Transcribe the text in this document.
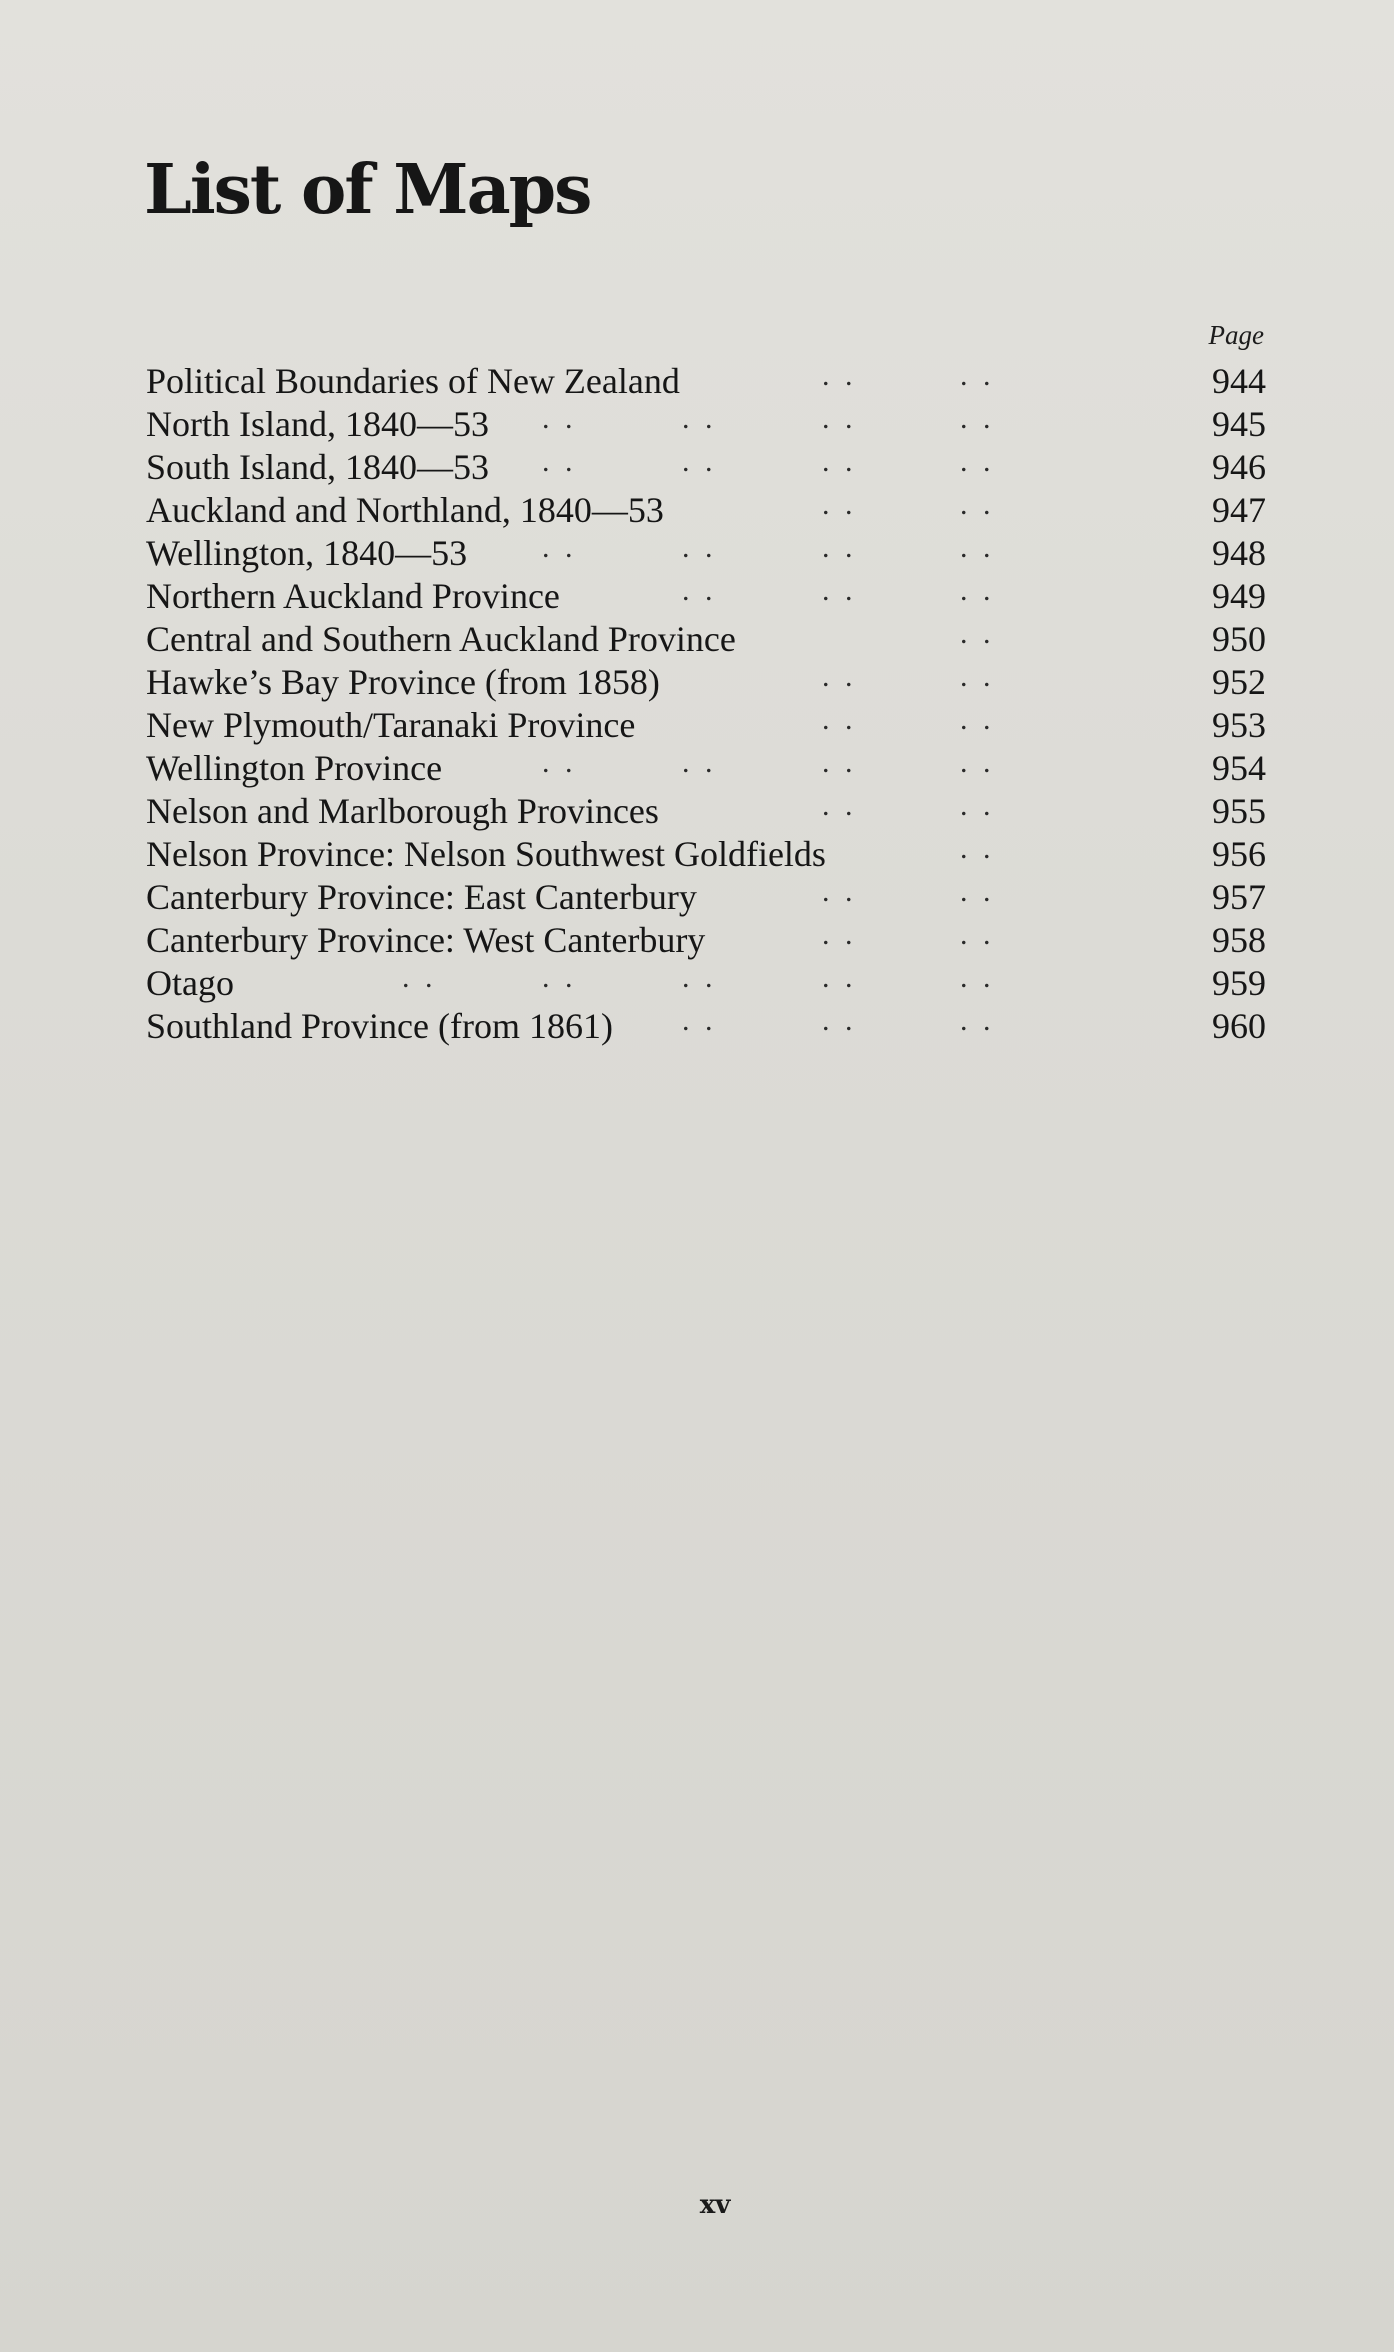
List of Maps
Page
Political Boundaries of New Zealand	. .	. .	944
North Island, 1840—53 . .	. .	. .	. .	945
South Island, 1840—53 . .	. .	. .	. .	946
Auckland and Northland, 1840—53	. .	. .	947
Wellington, 1840—53 . .	. .	. .	. .	948
Northern Auckland Province	. .	. .	. .	949
Central and Southern Auckland Province	. .	950
Hawke’s Bay Province (from 1858)	. .	. .	952
New Plymouth/Taranaki Province	. .	. .	953
Wellington Province	. .	. .	. .	. .	954
Nelson and Marlborough Provinces	. .	. .	955
Nelson Province: Nelson Southwest Goldfields	. .	956
Canterbury Province: East Canterbury	. .	. .	957
Canterbury Province: West Canterbury	. .	. .	958
Otago	. .	. .	. .	. .	. .	959
Southland Province (from 1861) . .	. .	. .	960
xv
